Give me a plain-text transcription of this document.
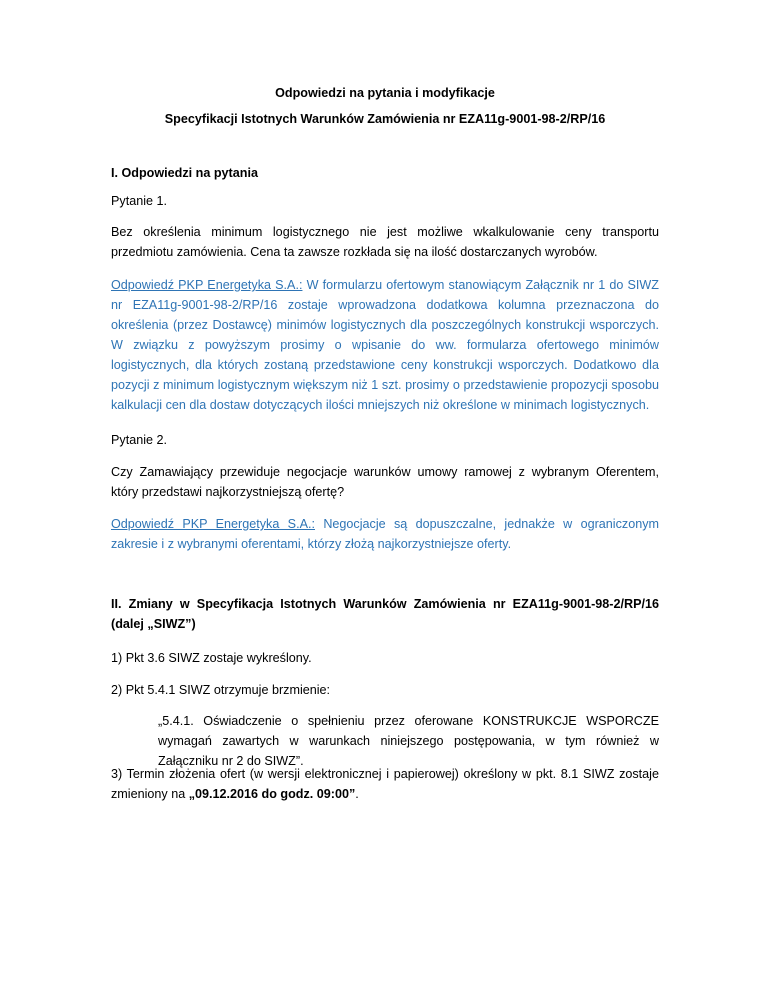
Odpowiedzi na pytania i modyfikacje

Specyfikacji Istotnych Warunków Zamówienia nr EZA11g-9001-98-2/RP/16

I. Odpowiedzi na pytania

Pytanie 1.

Bez określenia minimum logistycznego nie jest możliwe wkalkulowanie ceny transportu przedmiotu zamówienia. Cena ta zawsze rozkłada się na ilość dostarczanych wyrobów.

Odpowiedź PKP Energetyka S.A.: W formularzu ofertowym stanowiącym Załącznik nr 1 do SIWZ nr EZA11g-9001-98-2/RP/16 zostaje wprowadzona dodatkowa kolumna przeznaczona do określenia (przez Dostawcę) minimów logistycznych dla poszczególnych konstrukcji wsporczych. W związku z powyższym prosimy o wpisanie do ww. formularza ofertowego minimów logistycznych, dla których zostaną przedstawione ceny konstrukcji wsporczych. Dodatkowo dla pozycji z minimum logistycznym większym niż 1 szt. prosimy o przedstawienie propozycji sposobu kalkulacji cen dla dostaw dotyczących ilości mniejszych niż określone w minimach logistycznych.

Pytanie 2.

Czy Zamawiający przewiduje negocjacje warunków umowy ramowej z wybranym Oferentem, który przedstawi najkorzystniejszą ofertę?

Odpowiedź PKP Energetyka S.A.: Negocjacje są dopuszczalne, jednakże w ograniczonym zakresie i z wybranymi oferentami, którzy złożą najkorzystniejsze oferty.

II. Zmiany w Specyfikacja Istotnych Warunków Zamówienia nr EZA11g-9001-98-2/RP/16 (dalej „SIWZ”)

1) Pkt 3.6 SIWZ zostaje wykreślony.

2) Pkt 5.4.1 SIWZ otrzymuje brzmienie:

„5.4.1. Oświadczenie o spełnieniu przez oferowane KONSTRUKCJE WSPORCZE wymagań zawartych w warunkach niniejszego postępowania, w tym również w Załączniku nr 2 do SIWZ”.

3) Termin złożenia ofert (w wersji elektronicznej i papierowej) określony w pkt. 8.1 SIWZ zostaje zmieniony na „09.12.2016 do godz. 09:00”.
